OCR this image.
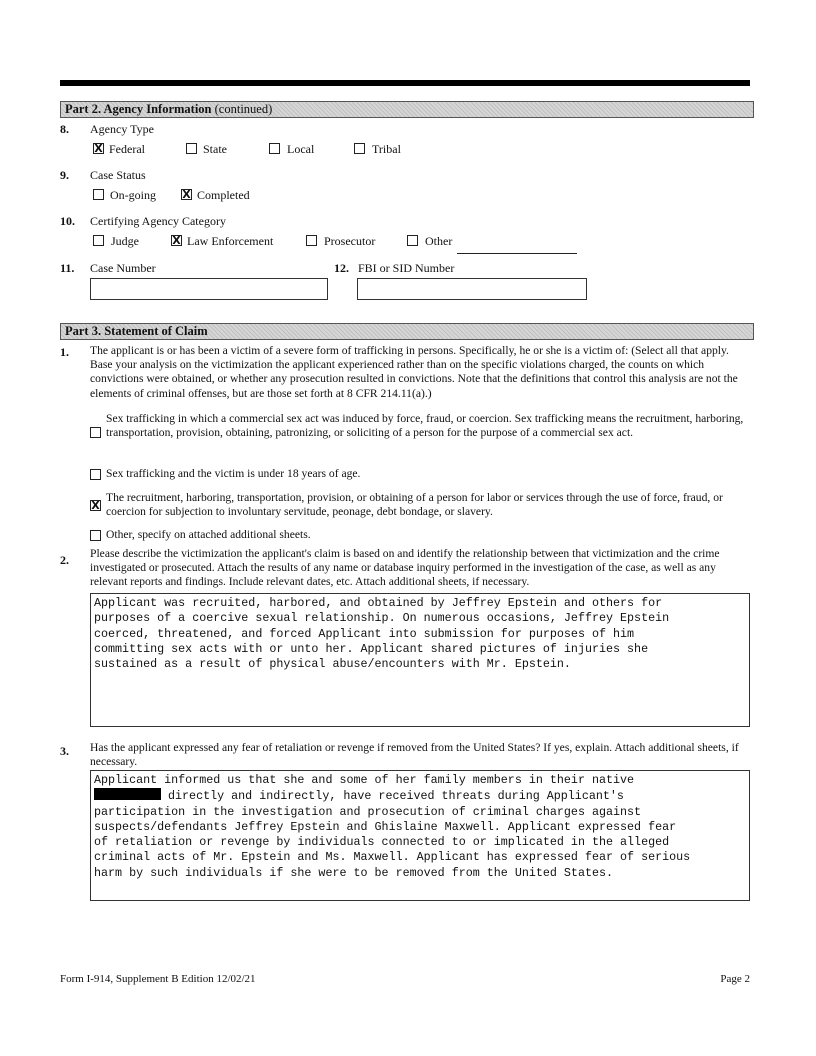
Part 2. Agency Information (continued)
8. Agency Type
X Federal	State	Local	Tribal
9. Case Status
On-going X Completed
10. Certifying Agency Category
Judge	X Law Enforcement	Prosecutor	Other
11. Case Number	12. FBI or SID Number
Part 3. Statement of Claim
1. The applicant is or has been a victim of a severe form of trafficking in persons. Specifically, he or she is a victim of: (Select all that apply. Base your analysis on the victimization the applicant experienced rather than on the specific violations charged, the counts on which convictions were obtained, or whether any prosecution resulted in convictions. Note that the definitions that control this analysis are not the elements of criminal offenses, but are those set forth at 8 CFR 214.11(a).)
Sex trafficking in which a commercial sex act was induced by force, fraud, or coercion. Sex trafficking means the recruitment, harboring, transportation, provision, obtaining, patronizing, or soliciting of a person for the purpose of a commercial sex act.
Sex trafficking and the victim is under 18 years of age.
X
The recruitment, harboring, transportation, provision, or obtaining of a person for labor or services through the use of force, fraud, or coercion for subjection to involuntary servitude, peonage, debt bondage, or slavery.
Other, specify on attached additional sheets.
2. Please describe the victimization the applicant's claim is based on and identify the relationship between that victimization and the crime investigated or prosecuted. Attach the results of any name or database inquiry performed in the investigation of the case, as well as any relevant reports and findings. Include relevant dates, etc. Attach additional sheets, if necessary.
Applicant was recruited, harbored, and obtained by Jeffrey Epstein and others for
purposes of a coercive sexual relationship. On numerous occasions, Jeffrey Epstein
coerced, threatened, and forced Applicant into submission for purposes of him
committing sex acts with or unto her. Applicant shared pictures of injuries she
sustained as a result of physical abuse/encounters with Mr. Epstein.
3. Has the applicant expressed any fear of retaliation or revenge if removed from the United States? If yes, explain. Attach additional sheets, if necessary.
Applicant informed us that she and some of her family members in their native
directly and indirectly, have received threats during Applicant's
participation in the investigation and prosecution of criminal charges against
suspects/defendants Jeffrey Epstein and Ghislaine Maxwell. Applicant expressed fear
of retaliation or revenge by individuals connected to or implicated in the alleged
criminal acts of Mr. Epstein and Ms. Maxwell. Applicant has expressed fear of serious
harm by such individuals if she were to be removed from the United States.
Form I-914, Supplement B Edition 12/02/21	Page 2
